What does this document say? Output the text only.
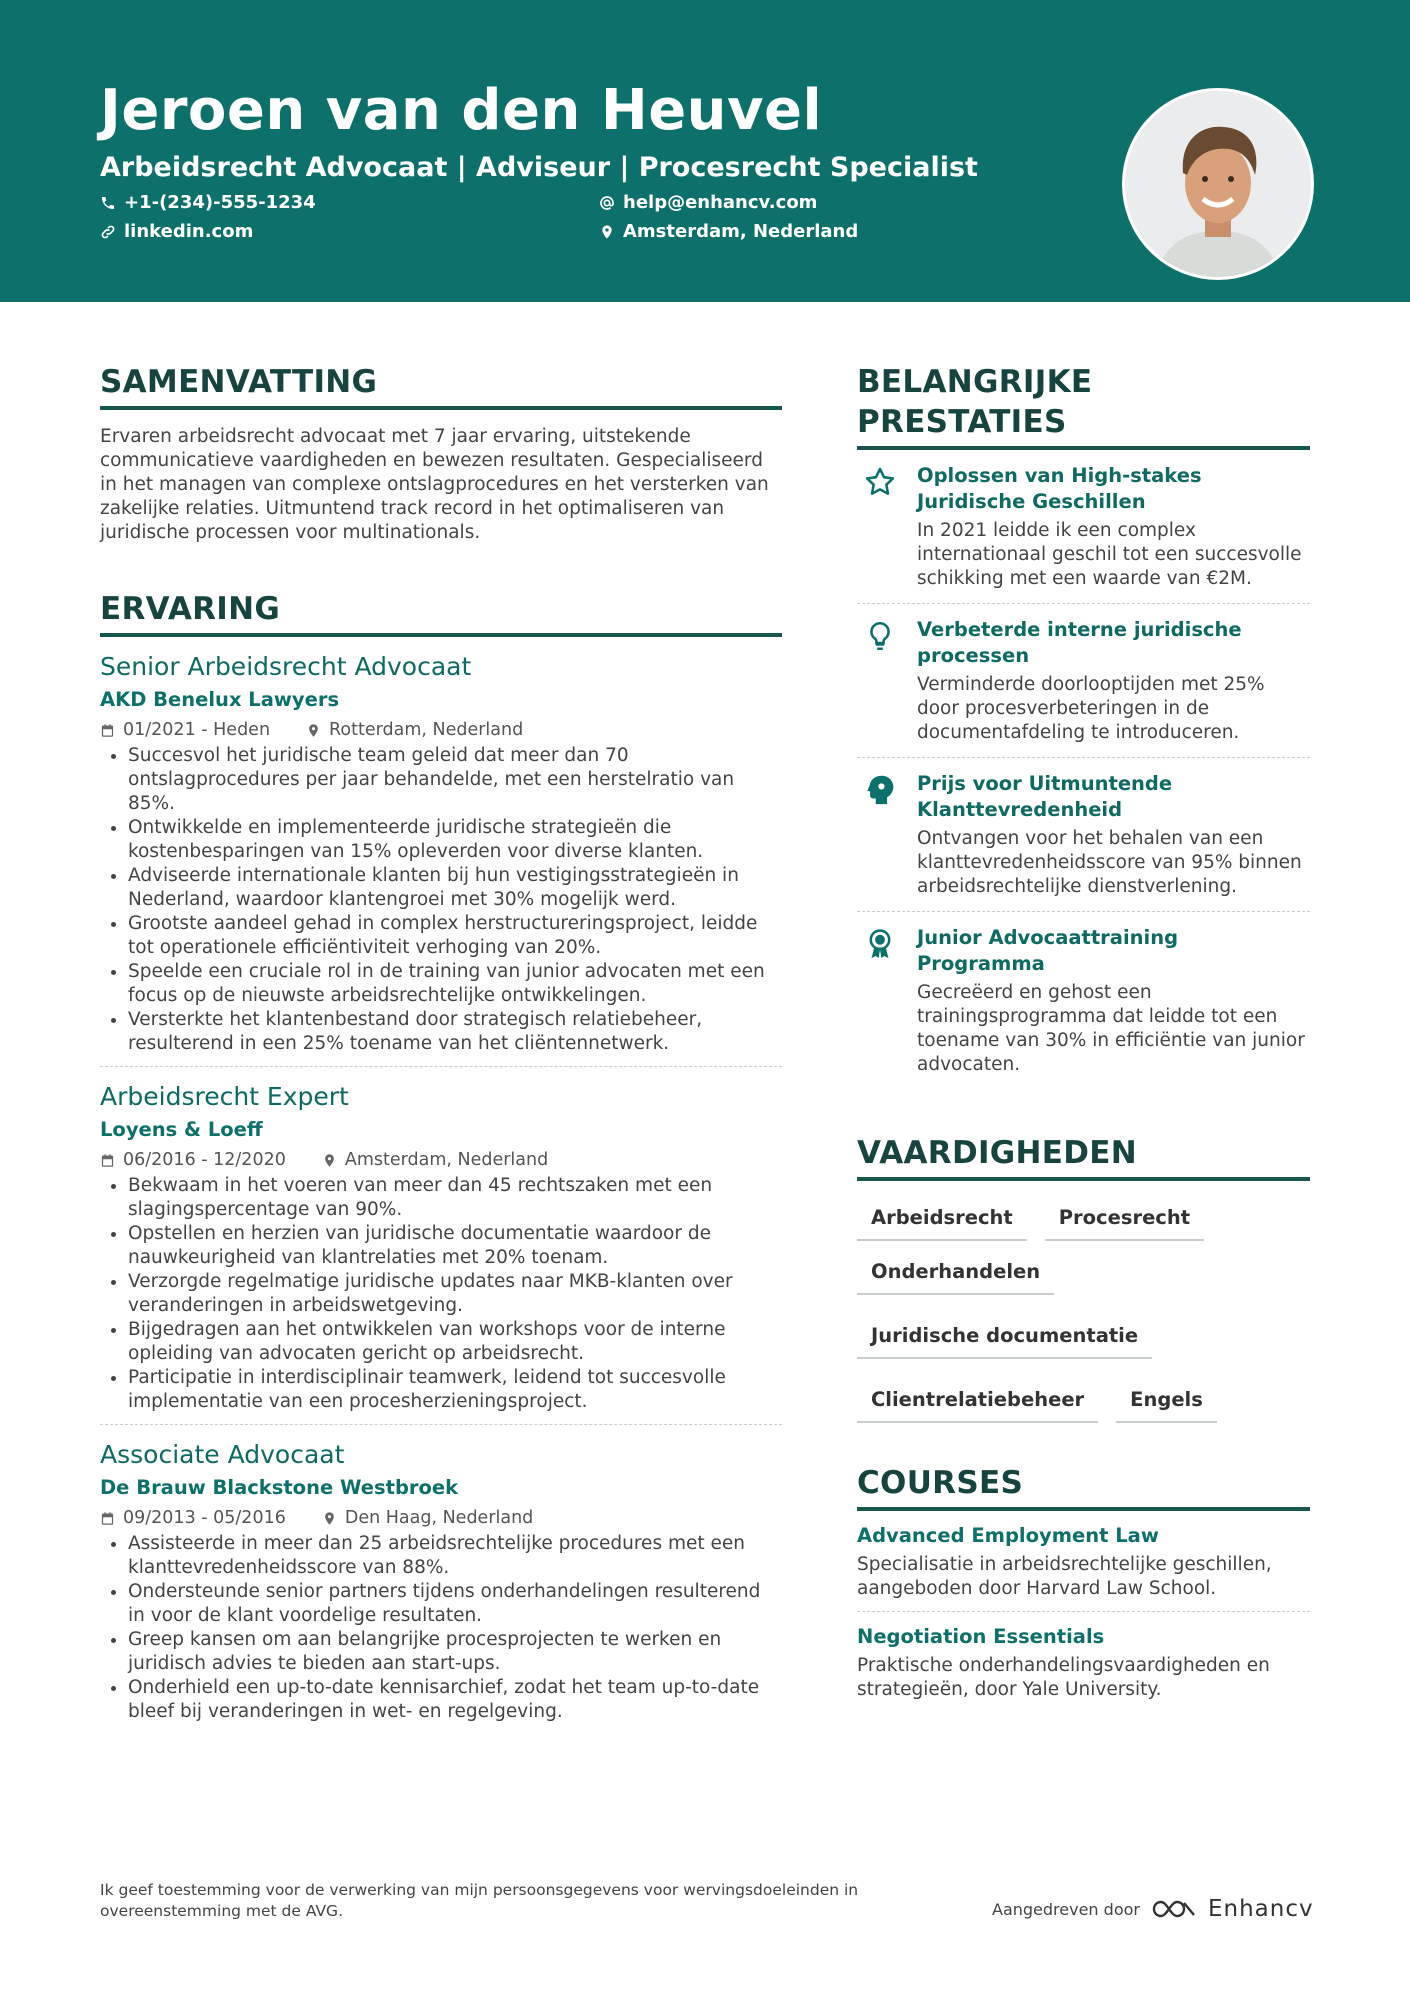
Jeroen van den Heuvel
Arbeidsrecht Advocaat | Adviseur | Procesrecht Specialist
+1-(234)-555-1234	help@enhancv.com
linkedin.com	Amsterdam, Nederland
SAMENVATTING

Ervaren arbeidsrecht advocaat met 7 jaar ervaring, uitstekende communicatieve vaardigheden en bewezen resultaten. Gespecialiseerd in het managen van complexe ontslagprocedures en het versterken van zakelijke relaties. Uitmuntend track record in het optimaliseren van juridische processen voor multinationals.

ERVARING
Senior Arbeidsrecht Advocaat
AKD Benelux Lawyers
01/2021 - Heden	Rotterdam, Nederland
• Succesvol het juridische team geleid dat meer dan 70 ontslagprocedures per jaar behandelde, met een herstelratio van 85%.
• Ontwikkelde en implementeerde juridische strategieën die kostenbesparingen van 15% opleverden voor diverse klanten.
• Adviseerde internationale klanten bij hun vestigingsstrategieën in Nederland, waardoor klantengroei met 30% mogelijk werd.
• Grootste aandeel gehad in complex herstructureringsproject, leidde tot operationele efficiëntiviteit verhoging van 20%.
• Speelde een cruciale rol in de training van junior advocaten met een focus op de nieuwste arbeidsrechtelijke ontwikkelingen.
• Versterkte het klantenbestand door strategisch relatiebeheer, resulterend in een 25% toename van het cliëntennetwerk.
Arbeidsrecht Expert
Loyens & Loeff
06/2016 - 12/2020	Amsterdam, Nederland
• Bekwaam in het voeren van meer dan 45 rechtszaken met een slagingspercentage van 90%.
• Opstellen en herzien van juridische documentatie waardoor de nauwkeurigheid van klantrelaties met 20% toenam.
• Verzorgde regelmatige juridische updates naar MKB-klanten over veranderingen in arbeidswetgeving.
• Bijgedragen aan het ontwikkelen van workshops voor de interne opleiding van advocaten gericht op arbeidsrecht.
• Participatie in interdisciplinair teamwerk, leidend tot succesvolle implementatie van een procesherzieningsproject.
Associate Advocaat
De Brauw Blackstone Westbroek
09/2013 - 05/2016	Den Haag, Nederland
• Assisteerde in meer dan 25 arbeidsrechtelijke procedures met een klanttevredenheidsscore van 88%.
• Ondersteunde senior partners tijdens onderhandelingen resulterend in voor de klant voordelige resultaten.
• Greep kansen om aan belangrijke procesprojecten te werken en juridisch advies te bieden aan start-ups.
• Onderhield een up-to-date kennisarchief, zodat het team up-to-date bleef bij veranderingen in wet- en regelgeving.
BELANGRIJKE PRESTATIES
Oplossen van High-stakes Juridische Geschillen
In 2021 leidde ik een complex internationaal geschil tot een succesvolle schikking met een waarde van €2M.
Verbeterde interne juridische processen
Verminderde doorlooptijden met 25% door procesverbeteringen in de documentafdeling te introduceren.
Prijs voor Uitmuntende Klanttevredenheid
Ontvangen voor het behalen van een klanttevredenheidsscore van 95% binnen arbeidsrechtelijke dienstverlening.
Junior Advocaattraining Programma
Gecreëerd en gehost een trainingsprogramma dat leidde tot een toename van 30% in efficiëntie van junior advocaten.
VAARDIGHEDEN
Arbeidsrecht	Procesrecht
Onderhandelen
Juridische documentatie
Clientrelatiebeheer	Engels
COURSES
Advanced Employment Law
Specialisatie in arbeidsrechtelijke geschillen, aangeboden door Harvard Law School.
Negotiation Essentials
Praktische onderhandelingsvaardigheden en strategieën, door Yale University.
Ik geef toestemming voor de verwerking van mijn persoonsgegevens voor wervingsdoeleinden in overeenstemming met de AVG.	Aangedreven door	Enhancv
